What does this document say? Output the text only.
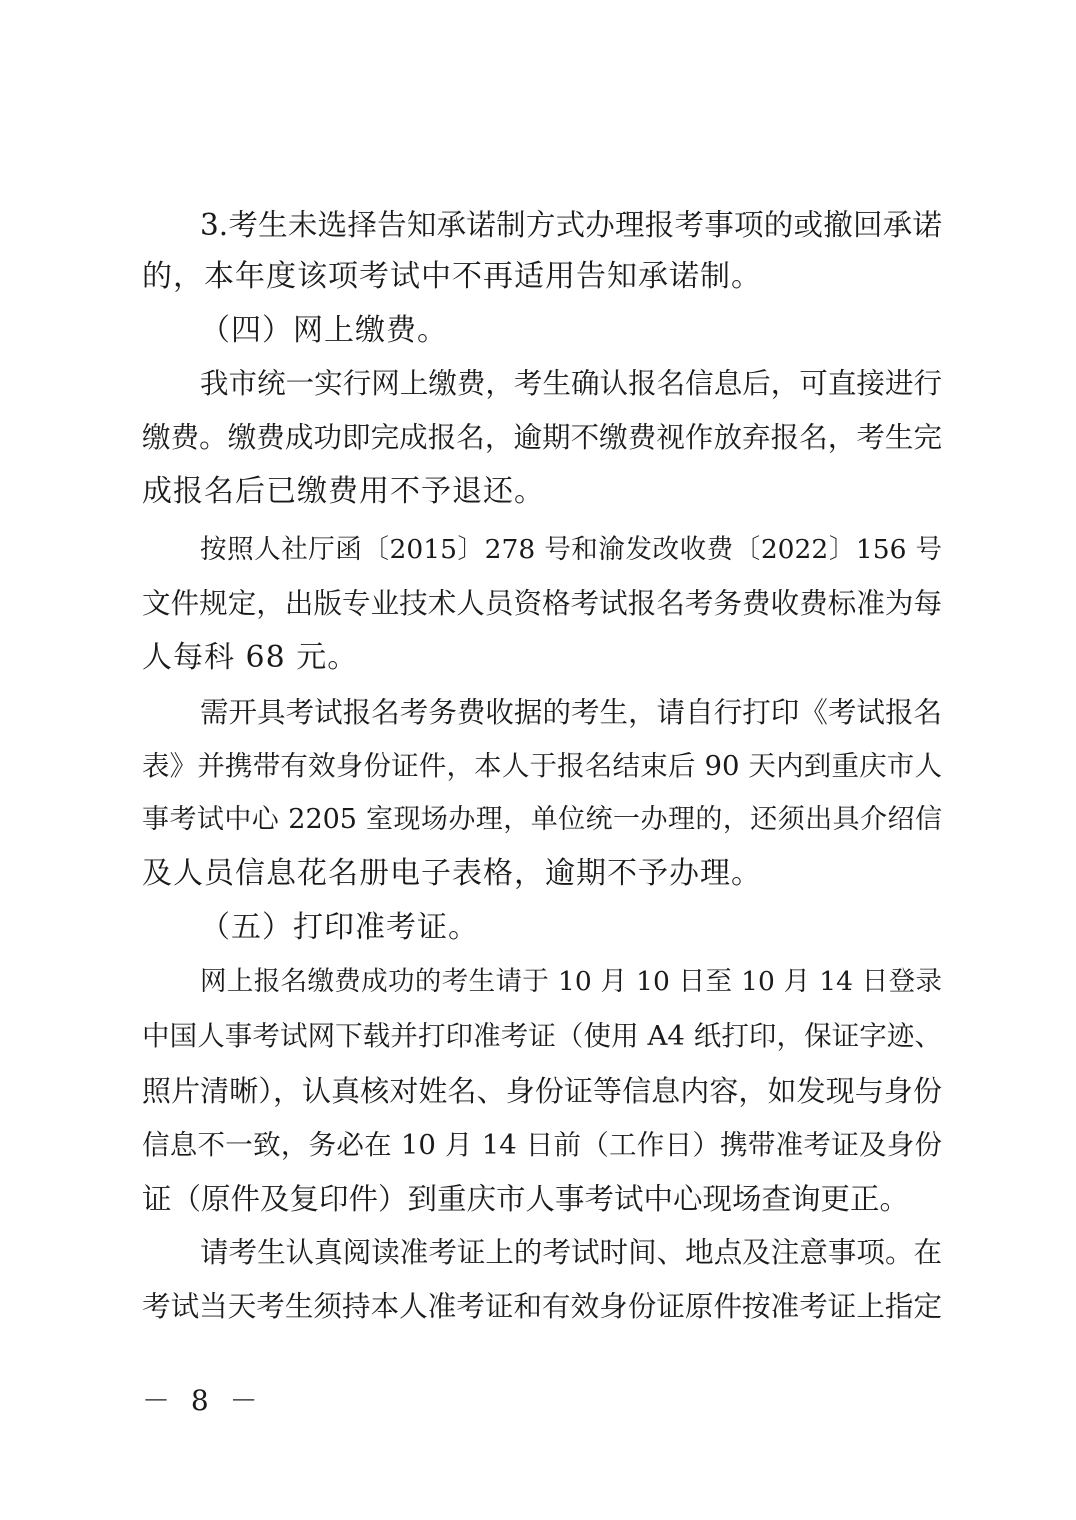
3.考生未选择告知承诺制方式办理报考事项的或撤回承诺
的，本年度该项考试中不再适用告知承诺制。
（四）网上缴费。
我市统一实行网上缴费，考生确认报名信息后，可直接进行
缴费。缴费成功即完成报名，逾期不缴费视作放弃报名，考生完
成报名后已缴费用不予退还。
按照人社厅函〔2015〕278 号和渝发改收费〔2022〕156 号
文件规定，出版专业技术人员资格考试报名考务费收费标准为每
人每科 68 元。
需开具考试报名考务费收据的考生，请自行打印《考试报名
表》并携带有效身份证件，本人于报名结束后 90 天内到重庆市人
事考试中心 2205 室现场办理，单位统一办理的，还须出具介绍信
及人员信息花名册电子表格，逾期不予办理。
（五）打印准考证。
网上报名缴费成功的考生请于 10 月 10 日至 10 月 14 日登录
中国人事考试网下载并打印准考证（使用 A4 纸打印，保证字迹、
照片清晰），认真核对姓名、身份证等信息内容，如发现与身份
信息不一致，务必在 10 月 14 日前（工作日）携带准考证及身份
证（原件及复印件）到重庆市人事考试中心现场查询更正。
请考生认真阅读准考证上的考试时间、地点及注意事项。在
考试当天考生须持本人准考证和有效身份证原件按准考证上指定
－ 8 －
